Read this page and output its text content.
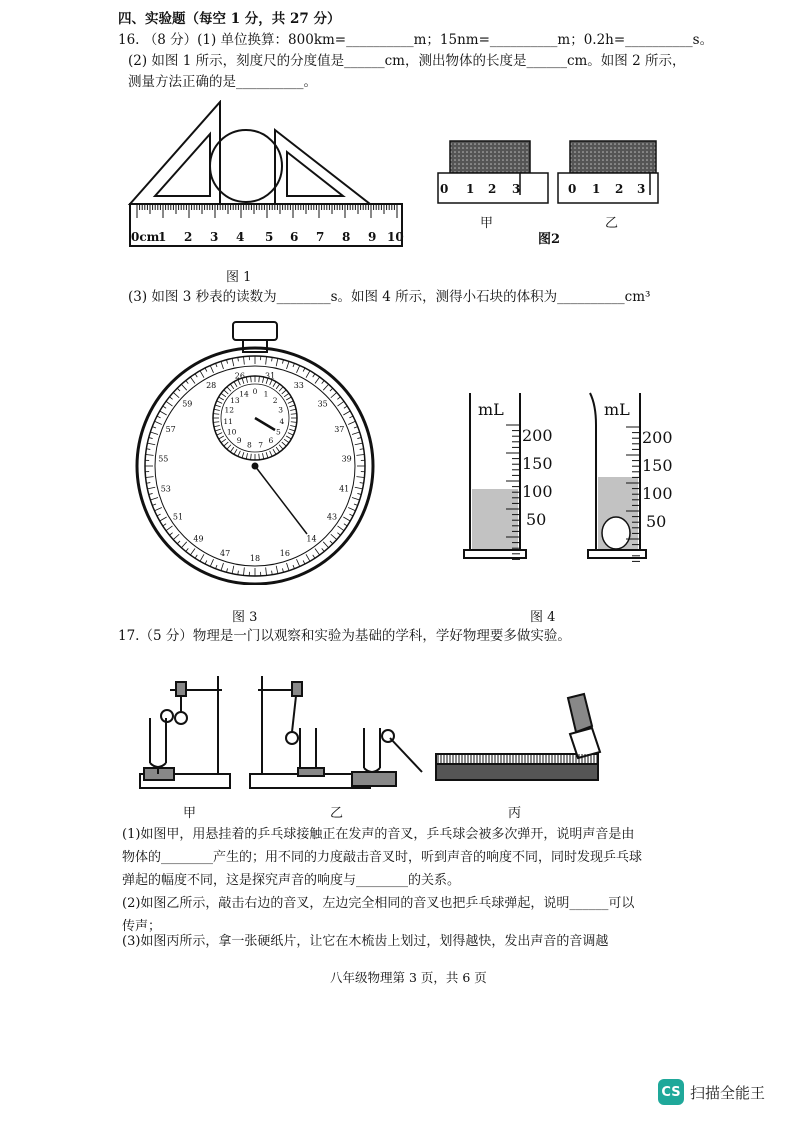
四、实验题（每空 1 分，共 27 分）
16. （8 分）(1) 单位换算：800km=__________m；15nm=__________m；0.2h=__________s。
(2) 如图 1 所示，刻度尺的分度值是______cm，测出物体的长度是______cm。如图 2 所示，
测量方法正确的是__________。
0cm
1 2 3 4 5 6 7 8 9 10
图 1
0 1 2 3	0 1 2 3
甲	乙
图2
(3) 如图 3 秒表的读数为________s。如图 4 所示，测得小石块的体积为__________cm³
31
33
35
37
39
41
43
14
16
18
47
49
51
53
55
57
59
28
26
0 1
2
3
4
5
6
7
8
9
10
11
12
13
14
图 3
mL	mL
200
150
100
50
200
150
100
50
图 4
17.（5 分）物理是一门以观察和实验为基础的学科，学好物理要多做实验。
甲	乙	丙
(1)如图甲，用悬挂着的乒乓球接触正在发声的音叉，乒乓球会被多次弹开，说明声音是由
物体的________产生的；用不同的力度敲击音叉时，听到声音的响度不同，同时发现乒乓球
弹起的幅度不同，这是探究声音的响度与________的关系。
(2)如图乙所示，敲击右边的音叉，左边完全相同的音叉也把乒乓球弹起，说明______可以
传声；
(3)如图丙所示，拿一张硬纸片，让它在木梳齿上划过，划得越快，发出声音的音调越
八年级物理第 3 页，共 6 页
CS 扫描全能王
